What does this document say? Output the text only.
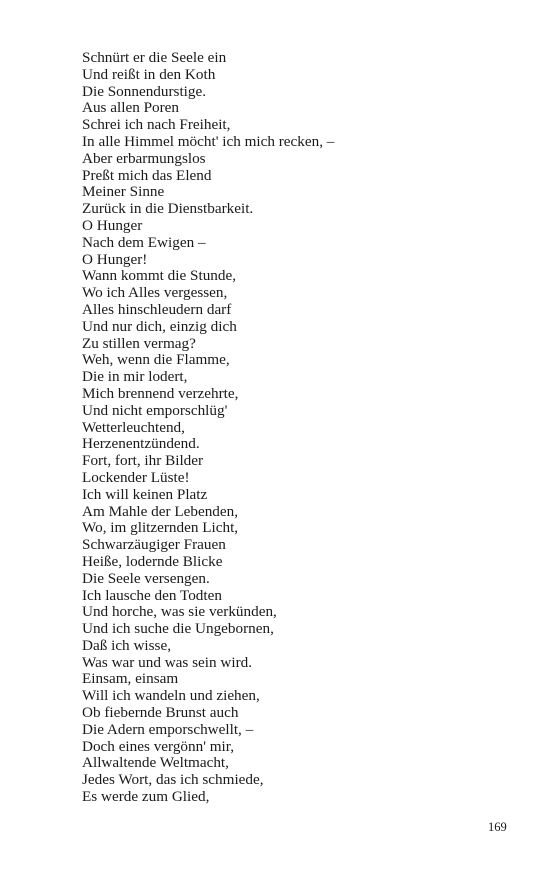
Schnürt er die Seele ein
Und reißt in den Koth
Die Sonnendurstige.
Aus allen Poren
Schrei ich nach Freiheit,
In alle Himmel möcht' ich mich recken, –
Aber erbarmungslos
Preßt mich das Elend
Meiner Sinne
Zurück in die Dienstbarkeit.
O Hunger
Nach dem Ewigen –
O Hunger!
Wann kommt die Stunde,
Wo ich Alles vergessen,
Alles hinschleudern darf
Und nur dich, einzig dich
Zu stillen vermag?
Weh, wenn die Flamme,
Die in mir lodert,
Mich brennend verzehrte,
Und nicht emporschlüg'
Wetterleuchtend,
Herzenentzündend.
Fort, fort, ihr Bilder
Lockender Lüste!
Ich will keinen Platz
Am Mahle der Lebenden,
Wo, im glitzernden Licht,
Schwarzäugiger Frauen
Heiße, lodernde Blicke
Die Seele versengen.
Ich lausche den Todten
Und horche, was sie verkünden,
Und ich suche die Ungebornen,
Daß ich wisse,
Was war und was sein wird.
Einsam, einsam
Will ich wandeln und ziehen,
Ob fiebernde Brunst auch
Die Adern emporschwellt, –
Doch eines vergönn' mir,
Allwaltende Weltmacht,
Jedes Wort, das ich schmiede,
Es werde zum Glied,
169
